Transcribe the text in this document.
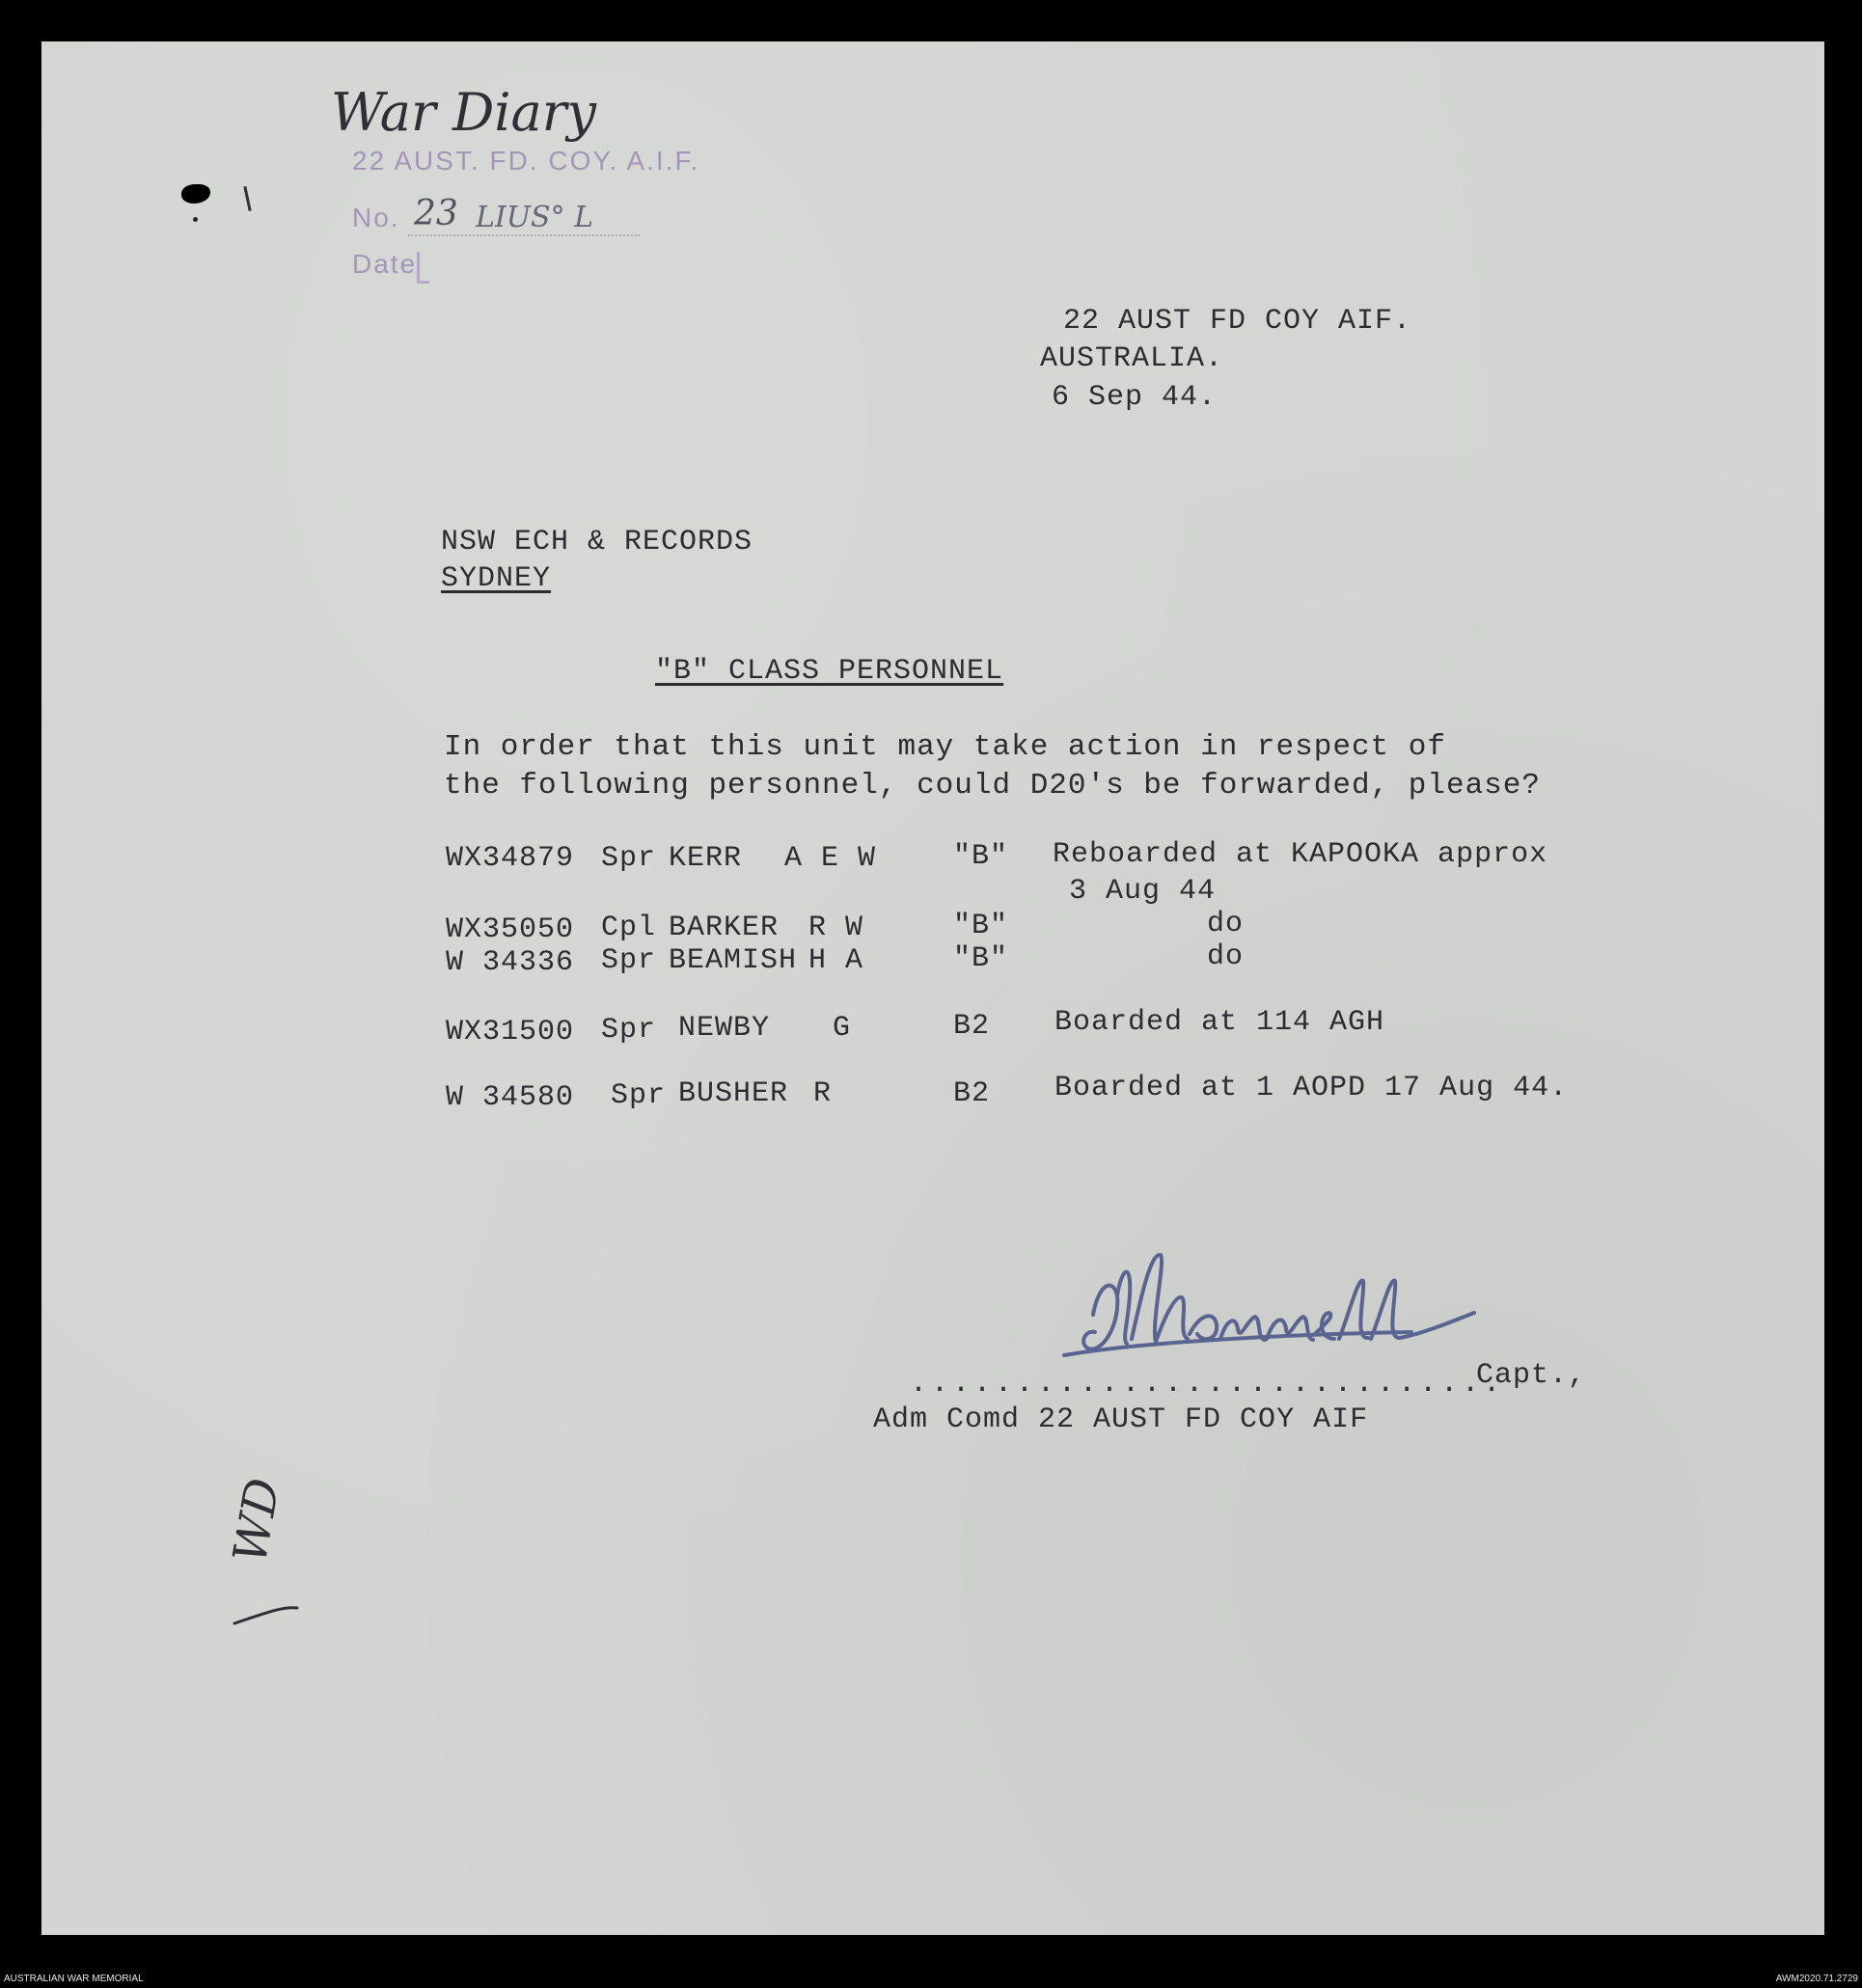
War Diary
22 AUST. FD. COY. A.I.F.
No. 23 LIUS° L
Date
22 AUST FD COY AIF.
AUSTRALIA.
6 Sep 44.
NSW ECH & RECORDS
SYDNEY
"B" CLASS PERSONNEL
In order that this unit may take action in respect of
the following personnel, could D20's be forwarded, please?
WX34879 Spr KERR A E W	"B" Reboarded at KAPOOKA approx
3 Aug 44
WX35050 Cpl BARKER R W	"B"	do
W 34336 Spr BEAMISH H A	"B"	do
WX31500 Spr NEWBY G	B2 Boarded at 114 AGH
W 34580 Spr BUSHER R	B2 Boarded at 1 AOPD 17 Aug 44.
............................
Capt.,
Adm Comd 22 AUST FD COY AIF
WD
AUSTRALIAN WAR MEMORIAL	AWM2020.71.2729
